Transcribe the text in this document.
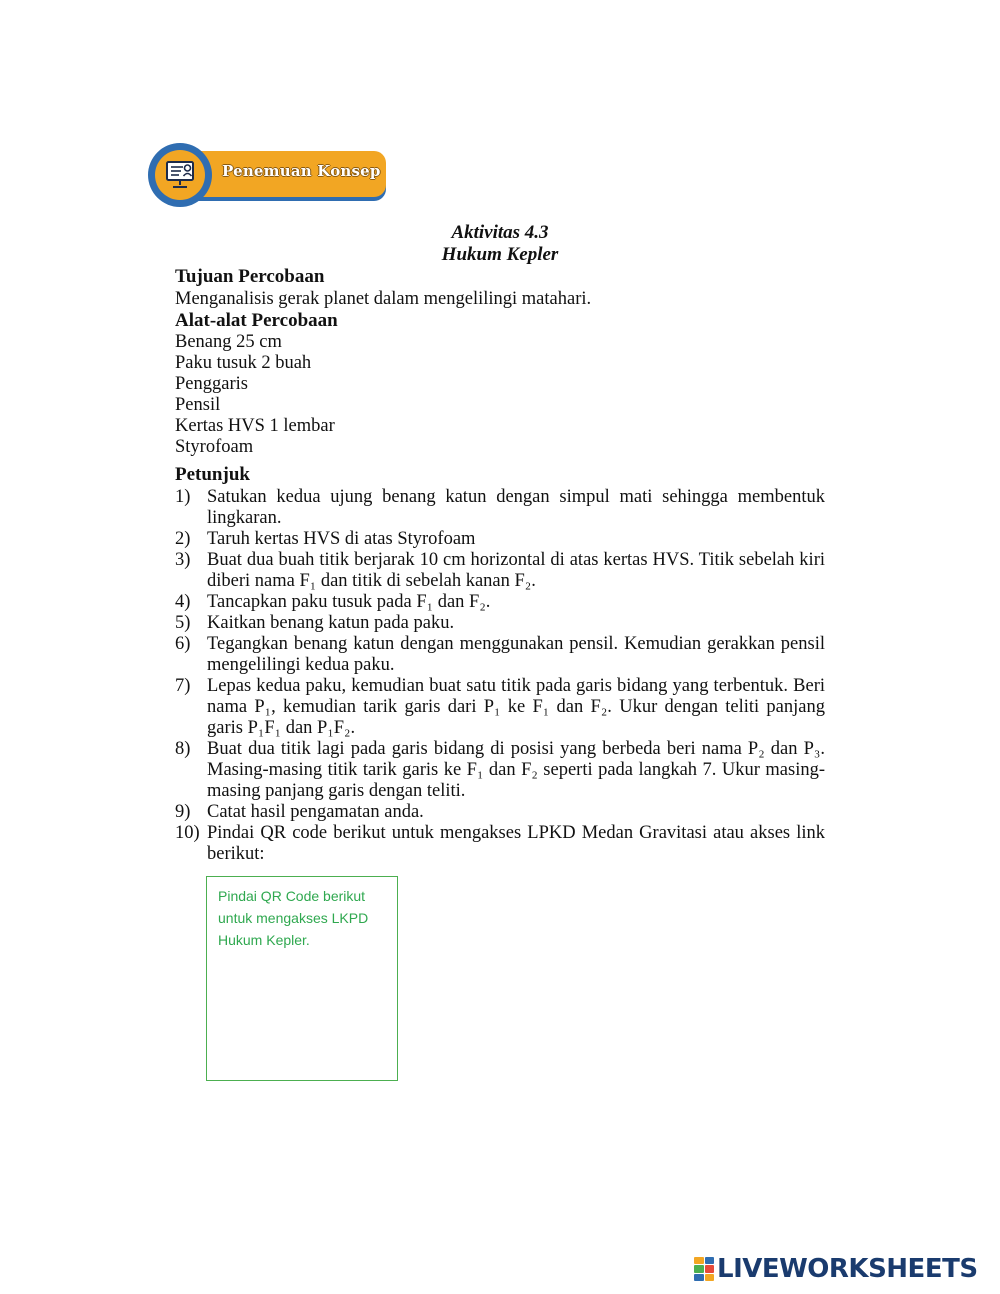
Penemuan Konsep
Aktivitas 4.3
Hukum Kepler
Tujuan Percobaan
Menganalisis gerak planet dalam mengelilingi matahari.
Alat-alat Percobaan
Benang 25 cm
Paku tusuk 2 buah
Penggaris
Pensil
Kertas HVS 1 lembar
Styrofoam
Petunjuk
1) Satukan kedua ujung benang katun dengan simpul mati sehingga membentuk lingkaran.
2) Taruh kertas HVS di atas Styrofoam
3) Buat dua buah titik berjarak 10 cm horizontal di atas kertas HVS. Titik sebelah kiri diberi nama F₁ dan titik di sebelah kanan F₂.
4) Tancapkan paku tusuk pada F₁ dan F₂.
5) Kaitkan benang katun pada paku.
6) Tegangkan benang katun dengan menggunakan pensil. Kemudian gerakkan pensil mengelilingi kedua paku.
7) Lepas kedua paku, kemudian buat satu titik pada garis bidang yang terbentuk. Beri nama P₁, kemudian tarik garis dari P₁ ke F₁ dan F₂. Ukur dengan teliti panjang garis P₁F₁ dan P₁F₂.
8) Buat dua titik lagi pada garis bidang di posisi yang berbeda beri nama P₂ dan P₃. Masing-masing titik tarik garis ke F₁ dan F₂ seperti pada langkah 7. Ukur masing-masing panjang garis dengan teliti.
9) Catat hasil pengamatan anda.
10) Pindai QR code berikut untuk mengakses LPKD Medan Gravitasi atau akses link berikut:
Pindai QR Code berikut untuk mengakses LKPD Hukum Kepler.
LIVEWORKSHEETS
